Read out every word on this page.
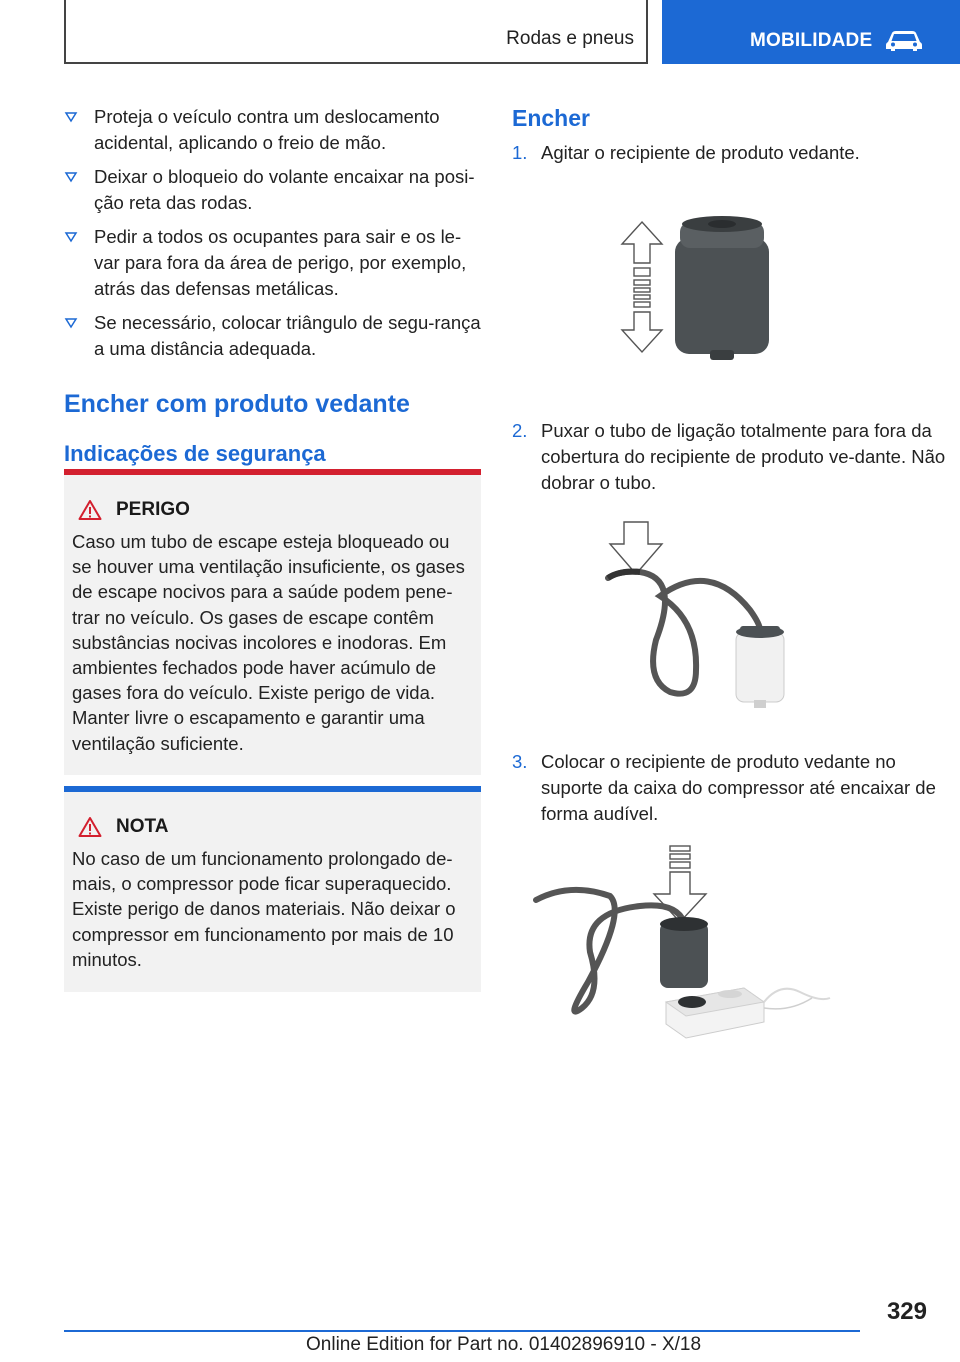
Rodas e pneus	MOBILIDADE
Proteja o veículo contra um deslocamento acidental, aplicando o freio de mão.
Deixar o bloqueio do volante encaixar na posi‐ção reta das rodas.
Pedir a todos os ocupantes para sair e os le‐var para fora da área de perigo, por exemplo, atrás das defensas metálicas.
Se necessário, colocar triângulo de segu‐rança a uma distância adequada.
Encher com produto vedante
Indicações de segurança
PERIGO
Caso um tubo de escape esteja bloqueado ou se houver uma ventilação insuficiente, os gases de escape nocivos para a saúde podem pene‐trar no veículo. Os gases de escape contêm substâncias nocivas incolores e inodoras. Em ambientes fechados pode haver acúmulo de gases fora do veículo. Existe perigo de vida. Manter livre o escapamento e garantir uma ventilação suficiente.
NOTA
No caso de um funcionamento prolongado de‐mais, o compressor pode ficar superaquecido. Existe perigo de danos materiais. Não deixar o compressor em funcionamento por mais de 10 minutos.
Encher
1. Agitar o recipiente de produto vedante.
2. Puxar o tubo de ligação totalmente para fora da cobertura do recipiente de produto ve‐dante. Não dobrar o tubo.
3. Colocar o recipiente de produto vedante no suporte da caixa do compressor até encaixar de forma audível.
329
Online Edition for Part no. 01402896910 - X/18
